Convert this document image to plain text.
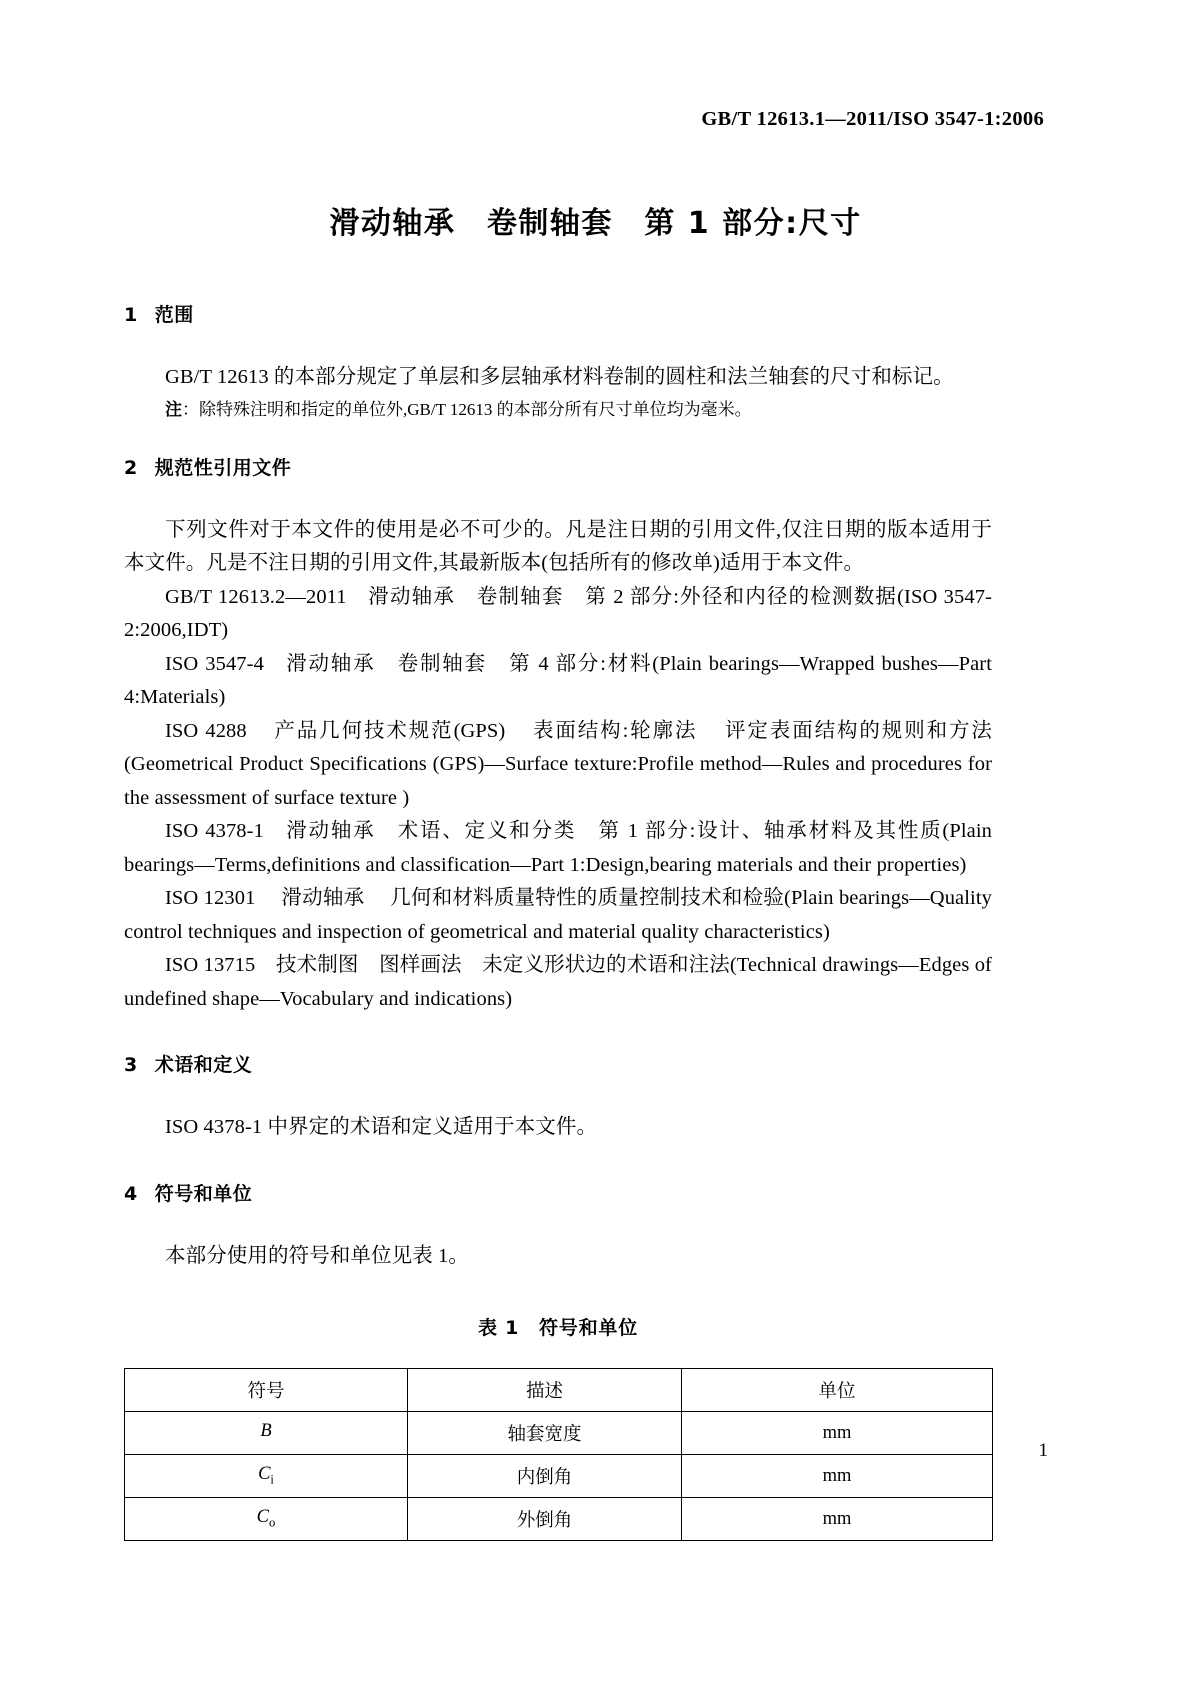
GB/T 12613.1—2011/ISO 3547-1:2006
滑动轴承 卷制轴套 第 1 部分:尺寸
1 范围

GB/T 12613 的本部分规定了单层和多层轴承材料卷制的圆柱和法兰轴套的尺寸和标记。

注：除特殊注明和指定的单位外,GB/T 12613 的本部分所有尺寸单位均为毫米。

2 规范性引用文件

下列文件对于本文件的使用是必不可少的。凡是注日期的引用文件,仅注日期的版本适用于本文件。凡是不注日期的引用文件,其最新版本(包括所有的修改单)适用于本文件。

GB/T 12613.2—2011 滑动轴承 卷制轴套 第 2 部分:外径和内径的检测数据(ISO 3547-2:2006,IDT)

ISO 3547-4 滑动轴承 卷制轴套 第 4 部分:材料(Plain bearings—Wrapped bushes—Part 4:Materials)

ISO 4288  产品几何技术规范(GPS)  表面结构:轮廓法  评定表面结构的规则和方法(Geometrical Product Specifications (GPS)—Surface texture:Profile method—Rules and procedures for the assessment of surface texture )

ISO 4378-1 滑动轴承 术语、定义和分类 第 1 部分:设计、轴承材料及其性质(Plain bearings—Terms,definitions and classification—Part 1:Design,bearing materials and their properties)

ISO 12301  滑动轴承  几何和材料质量特性的质量控制技术和检验(Plain bearings—Quality control techniques and inspection of geometrical and material quality characteristics)

ISO 13715 技术制图 图样画法 未定义形状边的术语和注法(Technical drawings—Edges of undefined shape—Vocabulary and indications)

3 术语和定义

ISO 4378-1 中界定的术语和定义适用于本文件。

4 符号和单位

本部分使用的符号和单位见表 1。

表 1 符号和单位

符号	描述	单位
B	轴套宽度	mm
$C_i$	内倒角	mm
$C_o$	外倒角	mm
1
